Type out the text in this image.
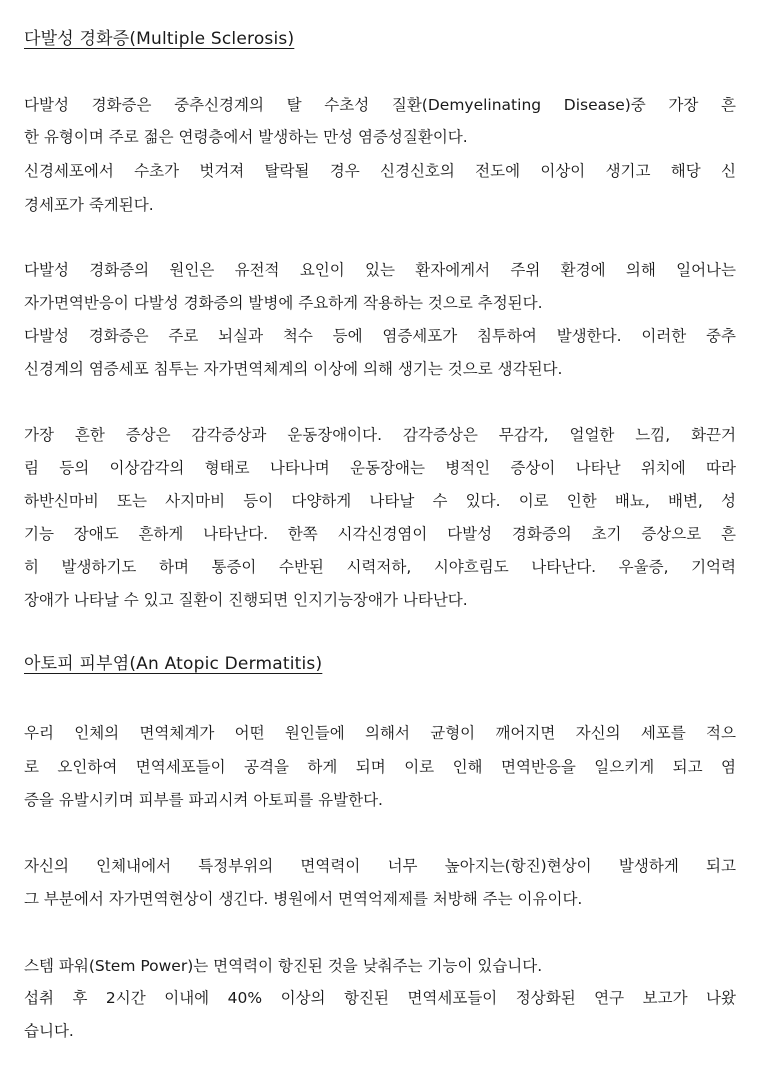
다발성 경화증(Multiple Sclerosis)

다발성 경화증은 중추신경계의 탈 수초성 질환(Demyelinating Disease)중 가장 흔

한 유형이며 주로 젊은 연령층에서 발생하는 만성 염증성질환이다.

신경세포에서 수초가 벗겨져 탈락될 경우 신경신호의 전도에 이상이 생기고 해당 신

경세포가 죽게된다.

다발성 경화증의 원인은 유전적 요인이 있는 환자에게서 주위 환경에 의해 일어나는

자가면역반응이 다발성 경화증의 발병에 주요하게 작용하는 것으로 추정된다.

다발성 경화증은 주로 뇌실과 척수 등에 염증세포가 침투하여 발생한다. 이러한 중추

신경계의 염증세포 침투는 자가면역체계의 이상에 의해 생기는 것으로 생각된다.

가장 흔한 증상은 감각증상과 운동장애이다. 감각증상은 무감각, 얼얼한 느낌, 화끈거

림 등의 이상감각의 형태로 나타나며 운동장애는 병적인 증상이 나타난 위치에 따라

하반신마비 또는 사지마비 등이 다양하게 나타날 수 있다. 이로 인한 배뇨, 배변, 성

기능 장애도 흔하게 나타난다. 한쪽 시각신경염이 다발성 경화증의 초기 증상으로 흔

히 발생하기도 하며 통증이 수반된 시력저하, 시야흐림도 나타난다. 우울증, 기억력

장애가 나타날 수 있고 질환이 진행되면 인지기능장애가 나타난다.

아토피 피부염(An Atopic Dermatitis)

우리 인체의 면역체계가 어떤 원인들에 의해서 균형이 깨어지면 자신의 세포를 적으

로 오인하여 면역세포들이 공격을 하게 되며 이로 인해 면역반응을 일으키게 되고 염

증을 유발시키며 피부를 파괴시켜 아토피를 유발한다.

자신의 인체내에서 특정부위의 면역력이 너무 높아지는(항진)현상이 발생하게 되고

그 부분에서 자가면역현상이 생긴다. 병원에서 면역억제제를 처방해 주는 이유이다.

스템 파워(Stem Power)는 면역력이 항진된 것을 낮춰주는 기능이 있습니다.

섭취 후 2시간 이내에 40% 이상의 항진된 면역세포들이 정상화된 연구 보고가 나왔

습니다.
